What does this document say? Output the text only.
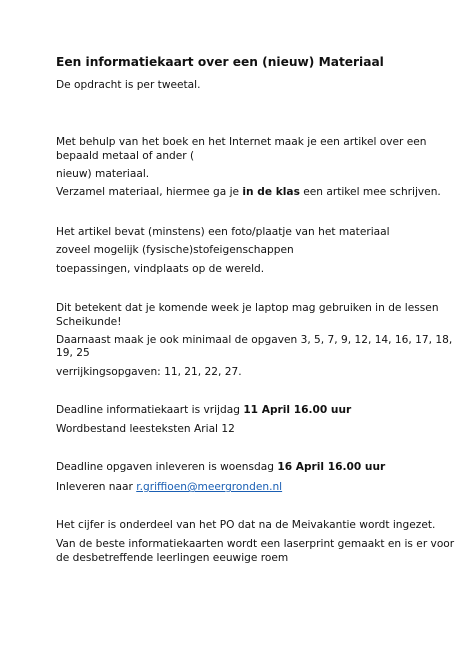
Een informatiekaart over een (nieuw) Materiaal
De opdracht is per tweetal.
Met behulp van het boek en het Internet maak je een artikel over een
bepaald metaal of ander (
nieuw) materiaal.
Verzamel materiaal, hiermee ga je in de klas een artikel mee schrijven.
Het artikel bevat (minstens) een foto/plaatje van het materiaal
zoveel mogelijk (fysische)stofeigenschappen
toepassingen, vindplaats op de wereld.
Dit betekent dat je komende week je laptop mag gebruiken in de lessen
Scheikunde!
Daarnaast maak je ook minimaal de opgaven 3, 5, 7, 9, 12, 14, 16, 17, 18,
19, 25
verrijkingsopgaven: 11, 21, 22, 27.
Deadline informatiekaart is vrijdag 11 April 16.00 uur
Wordbestand leesteksten Arial 12
Deadline opgaven inleveren is woensdag 16 April 16.00 uur
Inleveren naar r.griffioen@meergronden.nl
Het cijfer is onderdeel van het PO dat na de Meivakantie wordt ingezet.
Van de beste informatiekaarten wordt een laserprint gemaakt en is er voor
de desbetreffende leerlingen eeuwige roem
